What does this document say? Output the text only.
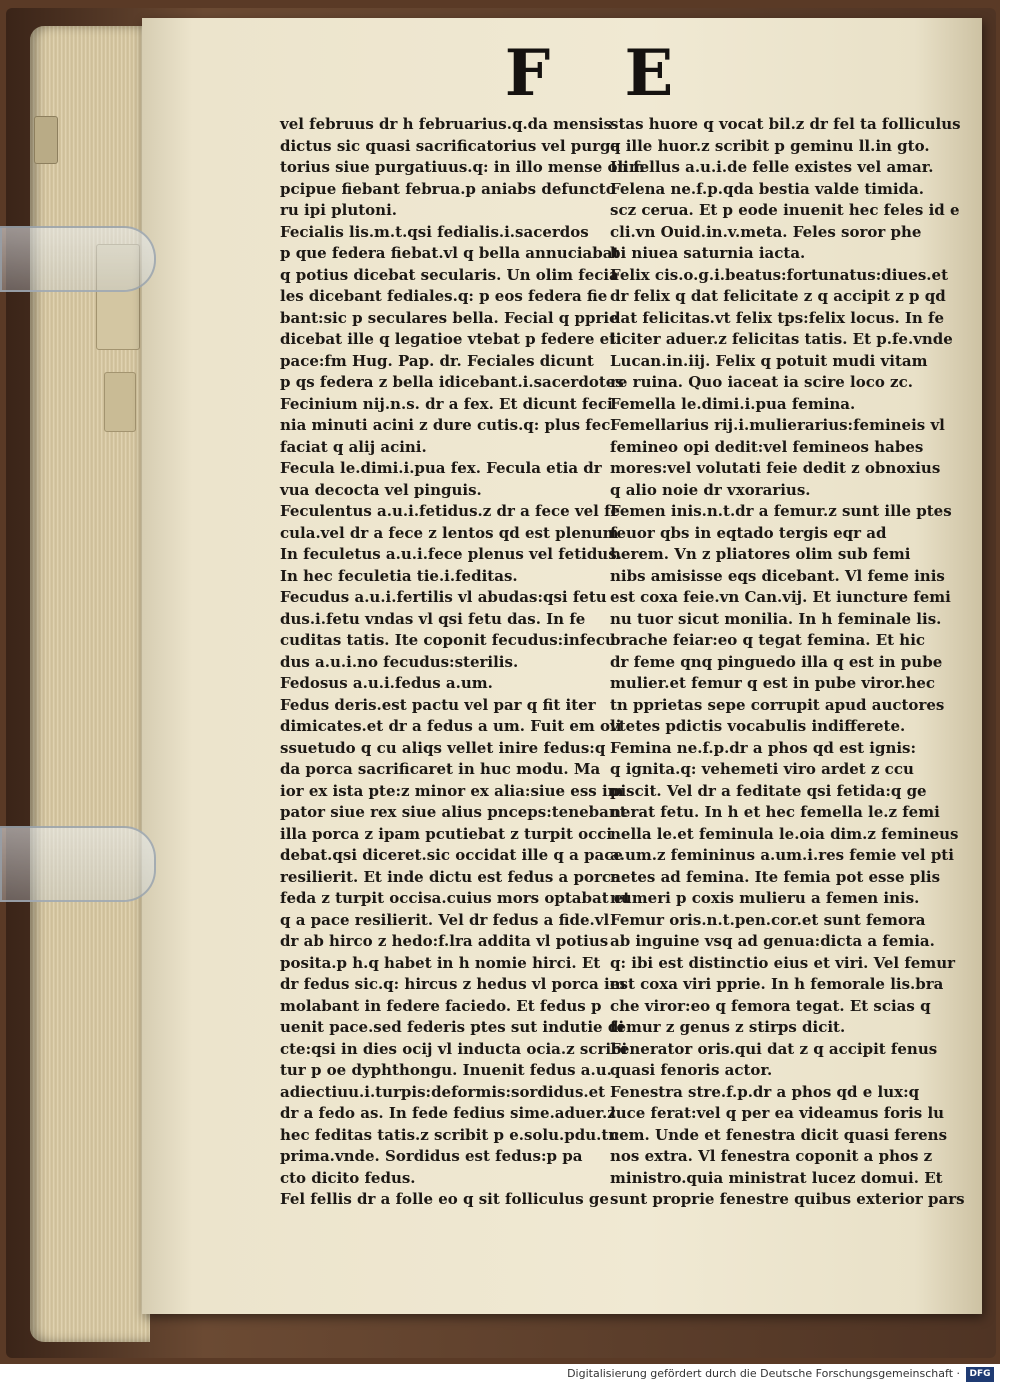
F E
vel februus dr h februarius.q.da mensis
dictus sic quasi sacrificatorius vel purga
torius siue purgatiuus.q: in illo mense olim
pcipue fiebant februa.p aniabs defuncto
ru ipi plutoni.
Fecialis lis.m.t.qsi fedialis.i.sacerdos
p que federa fiebat.vl q bella annuciabat
q potius dicebat secularis. Un olim fecia
les dicebant fediales.q: p eos federa fie
bant:sic p seculares bella. Fecial q pprie
dicebat ille q legatioe vtebat p federe et
pace:fm Hug. Pap. dr. Feciales dicunt
p qs federa z bella idicebant.i.sacerdotes
Fecinium nij.n.s. dr a fex. Et dicunt feci
nia minuti acini z dure cutis.q: plus fec
faciat q alij acini.
Fecula le.dimi.i.pua fex. Fecula etia dr
vua decocta vel pinguis.
Feculentus a.u.i.fetidus.z dr a fece vel fe
cula.vel dr a fece z lentos qd est plenum
In feculetus a.u.i.fece plenus vel fetidus.
In hec feculetia tie.i.feditas.
Fecudus a.u.i.fertilis vl abudas:qsi fetu
dus.i.fetu vndas vl qsi fetu das. In fe
cuditas tatis. Ite coponit fecudus:infecu
dus a.u.i.no fecudus:sterilis.
Fedosus a.u.i.fedus a.um.
Fedus deris.est pactu vel par q fit iter
dimicates.et dr a fedus a um. Fuit em oli
ssuetudo q cu aliqs vellet inire fedus:q
da porca sacrificaret in huc modu. Ma
ior ex ista pte:z minor ex alia:siue ess im
pator siue rex siue alius pnceps:tenebant
illa porca z ipam pcutiebat z turpit occi
debat.qsi diceret.sic occidat ille q a pace
resilierit. Et inde dictu est fedus a porca
feda z turpit occisa.cuius mors optabat et
q a pace resilierit. Vel dr fedus a fide.vl
dr ab hirco z hedo:f.lra addita vl potius
posita.p h.q habet in h nomie hirci. Et
dr fedus sic.q: hircus z hedus vl porca im
molabant in federe faciedo. Et fedus p
uenit pace.sed federis ptes sut indutie di
cte:qsi in dies ocij vl inducta ocia.z scribi
tur p oe dyphthongu. Inuenit fedus a.u.
adiectiuu.i.turpis:deformis:sordidus.et
dr a fedo as. In fede fedius sime.aduer.z
hec feditas tatis.z scribit p e.solu.pdu.tn
prima.vnde. Sordidus est fedus:p pa
cto dicito fedus.
Fel fellis dr a folle eo q sit folliculus ge
stas huore q vocat bil.z dr fel ta folliculus
q ille huor.z scribit p geminu ll.in gto.
In fellus a.u.i.de felle existes vel amar.
Felena ne.f.p.qda bestia valde timida.
scz ceruа. Et p eode inuenit hec feles id e
cli.vn Ouid.in.v.meta. Feles soror phe
bi niuea saturnia iacta.
Felix cis.o.g.i.beatus:fortunatus:diues.et
dr felix q dat felicitate z q accipit z p qd
dat felicitas.vt felix tps:felix locus. In fe
liciter aduer.z felicitas tatis. Et p.fe.vnde
Lucan.in.iij. Felix q potuit mudi vitam
re ruina. Quo iaceat ia scire loco zc.
Femella le.dimi.i.pua femina.
Femellarius rij.i.mulierarius:femineis vl
femineo opi dedit:vel femineos habes
mores:vel volutati feie dedit z obnoxius
q alio noie dr vxorarius.
Femen inis.n.t.dr a femur.z sunt ille ptes
feuor qbs in eqtado tergis eqr ad
herem. Vn z pliatores olim sub femi
nibs amisisse eqs dicebant. Vl feme inis
est coxa feie.vn Can.vij. Et iuncture femi
nu tuor sicut monilia. In h feminale lis.
brache feiar:eo q tegat femina. Et hic
dr feme qnq pinguedo illa q est in pube
mulier.et femur q est in pube viror.hec
tn pprietas sepe corrupit apud auctores
vtetes pdictis vocabulis indifferete.
Femina ne.f.p.dr a phos qd est ignis:
q ignita.q: vehemeti viro ardet z ccu
piscit. Vel dr a feditate qsi fetida:q ge
nerat fetu. In h et hec femella le.z femi
nella le.et feminula le.oia dim.z femineus
a.um.z femininus a.um.i.res femie vel pti
netes ad femina. Ite femia pot esse plis
numeri p coxis mulieru a femen inis.
Femur oris.n.t.pen.cor.et sunt femora
ab inguine vsq ad genua:dicta a femia.
q: ibi est distinctio eius et viri. Vel femur
est coxa viri pprie. In h femorale lis.bra
che viror:eo q femora tegat. Et scias q
femur z genus z stirps dicit.
Fenerator oris.qui dat z q accipit fenus
quasi fenoris actor.
Fenestra stre.f.p.dr a phos qd e lux:q
luce ferat:vel q per ea videamus foris lu
cem. Unde et fenestra dicit quasi ferens
nos extra. Vl fenestra coponit a phos z
ministro.quia ministrat lucez domui. Et
sunt proprie fenestre quibus exterior pars
Digitalisierung gefördert durch die Deutsche Forschungsgemeinschaft ·	DFG
